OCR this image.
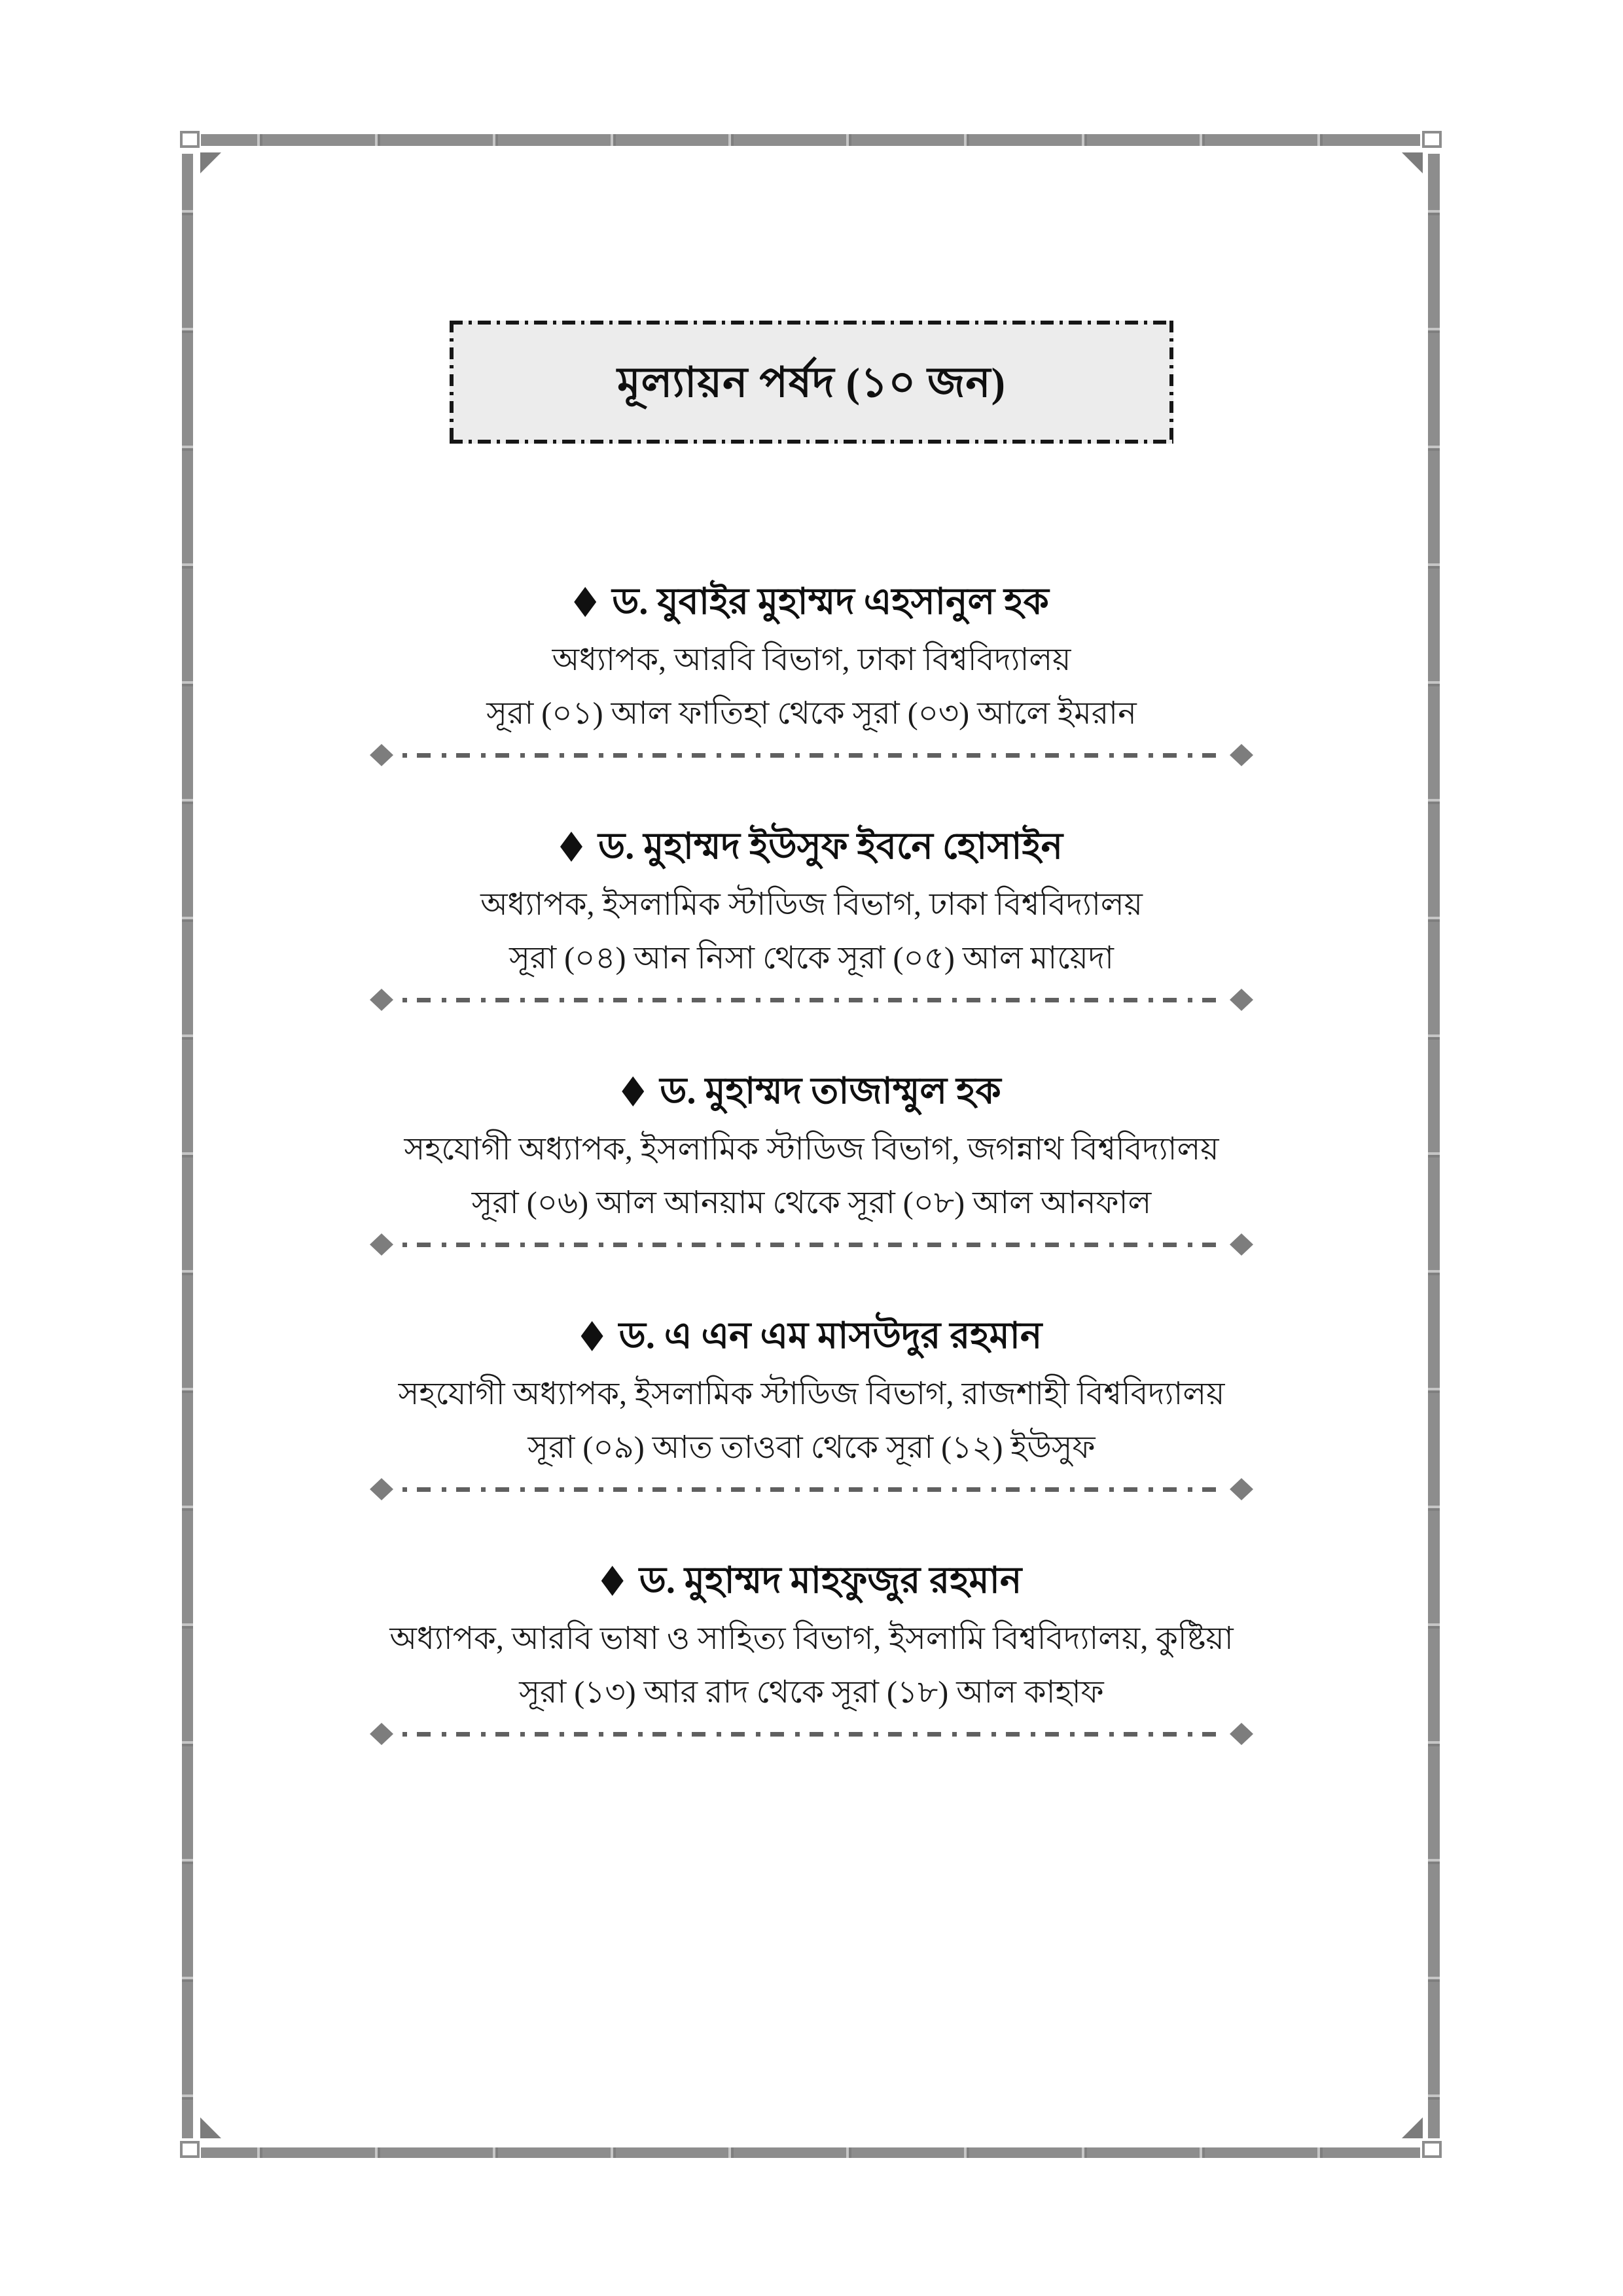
মূল্যায়ন পর্ষদ (১০ জন)
ড. যুবাইর মুহাম্মদ এহসানুল হক
অধ্যাপক, আরবি বিভাগ, ঢাকা বিশ্ববিদ্যালয়
সূরা (০১) আল ফাতিহা থেকে সূরা (০৩) আলে ইমরান
ড. মুহাম্মদ ইউসুফ ইবনে হোসাইন
অধ্যাপক, ইসলামিক স্টাডিজ বিভাগ, ঢাকা বিশ্ববিদ্যালয়
সূরা (০৪) আন নিসা থেকে সূরা (০৫) আল মায়েদা
ড. মুহাম্মদ তাজাম্মুল হক
সহযোগী অধ্যাপক, ইসলামিক স্টাডিজ বিভাগ, জগন্নাথ বিশ্ববিদ্যালয়
সূরা (০৬) আল আনয়াম থেকে সূরা (০৮) আল আনফাল
ড. এ এন এম মাসউদুর রহমান
সহযোগী অধ্যাপক, ইসলামিক স্টাডিজ বিভাগ, রাজশাহী বিশ্ববিদ্যালয়
সূরা (০৯) আত তাওবা থেকে সূরা (১২) ইউসুফ
ড. মুহাম্মদ মাহফুজুর রহমান
অধ্যাপক, আরবি ভাষা ও সাহিত্য বিভাগ, ইসলামি বিশ্ববিদ্যালয়, কুষ্টিয়া
সূরা (১৩) আর রাদ থেকে সূরা (১৮) আল কাহাফ
